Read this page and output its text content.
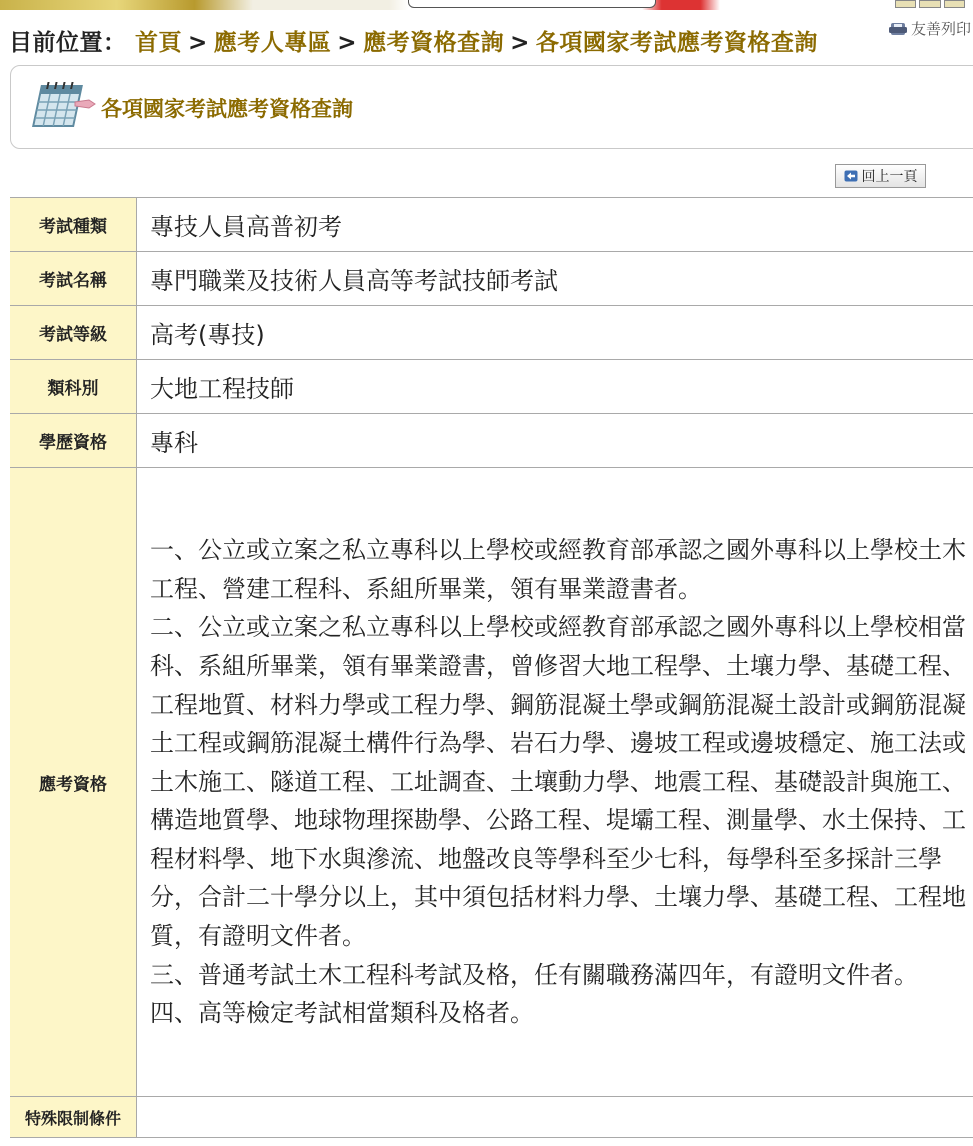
目前位置： 首頁 > 應考人專區 > 應考資格查詢 > 各項國家考試應考資格查詢
友善列印
各項國家考試應考資格查詢
回上一頁
考試種類	專技人員高普初考
考試名稱	專門職業及技術人員高等考試技師考試
考試等級	高考(專技)
類科別	大地工程技師
學歷資格	專科
應考資格	一、公立或立案之私立專科以上學校或經教育部承認之國外專科以上學校土木工程、營建工程科、系組所畢業，領有畢業證書者。
二、公立或立案之私立專科以上學校或經教育部承認之國外專科以上學校相當科、系組所畢業，領有畢業證書，曾修習大地工程學、土壤力學、基礎工程、工程地質、材料力學或工程力學、鋼筋混凝土學或鋼筋混凝土設計或鋼筋混凝土工程或鋼筋混凝土構件行為學、岩石力學、邊坡工程或邊坡穩定、施工法或土木施工、隧道工程、工址調查、土壤動力學、地震工程、基礎設計與施工、構造地質學、地球物理探勘學、公路工程、堤壩工程、測量學、水土保持、工程材料學、地下水與滲流、地盤改良等學科至少七科，每學科至多採計三學分，合計二十學分以上，其中須包括材料力學、土壤力學、基礎工程、工程地質，有證明文件者。
三、普通考試土木工程科考試及格，任有關職務滿四年，有證明文件者。
四、高等檢定考試相當類科及格者。

特殊限制條件	
